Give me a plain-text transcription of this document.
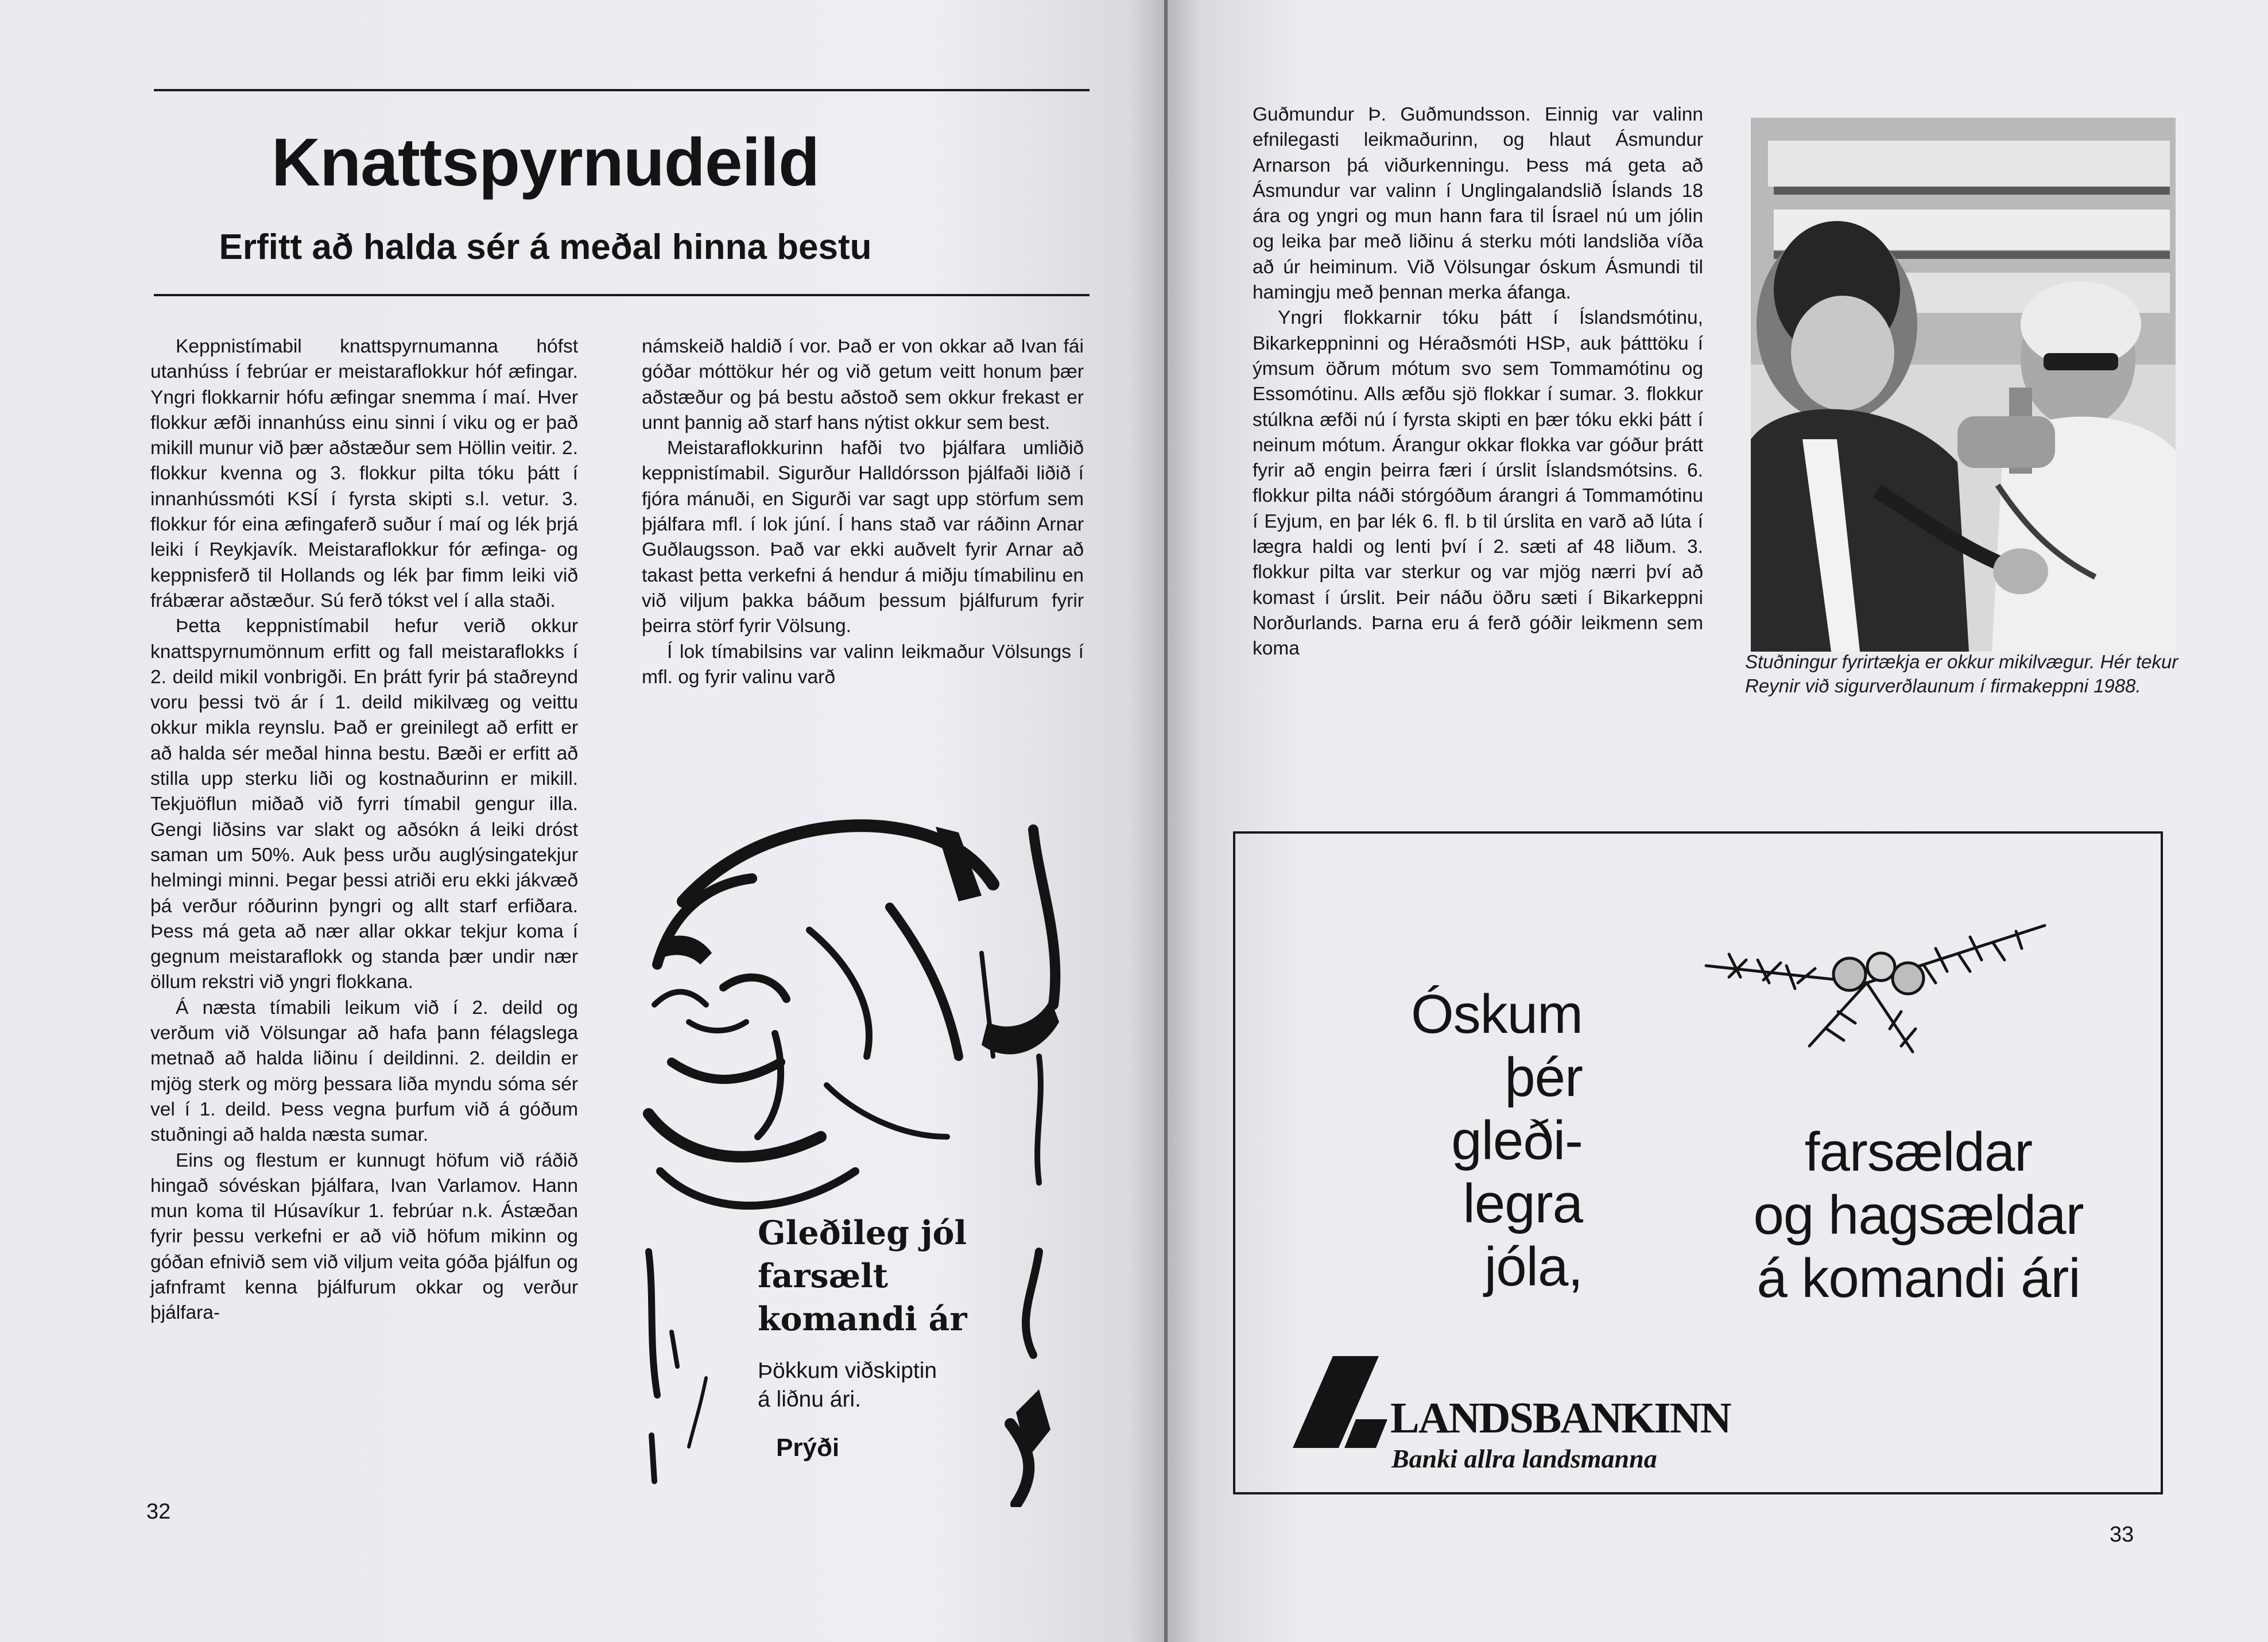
Knattspyrnudeild
Erfitt að halda sér á meðal hinna bestu

Keppnistímabil knattspyrnumanna hófst utanhúss í febrúar er meistaraflokkur hóf æfingar. Yngri flokkarnir hófu æfingar snemma í maí. Hver flokkur æfði innanhúss einu sinni í viku og er það mikill munur við þær aðstæður sem Höllin veitir. 2. flokkur kvenna og 3. flokkur pilta tóku þátt í innanhússmóti KSÍ í fyrsta skipti s.l. vetur. 3. flokkur fór eina æfingaferð suður í maí og lék þrjá leiki í Reykjavík. Meistaraflokkur fór æfinga- og keppnisferð til Hollands og lék þar fimm leiki við frábærar aðstæður. Sú ferð tókst vel í alla staði.

Þetta keppnistímabil hefur verið okkur knattspyrnumönnum erfitt og fall meistaraflokks í 2. deild mikil vonbrigði. En þrátt fyrir þá staðreynd voru þessi tvö ár í 1. deild mikilvæg og veittu okkur mikla reynslu. Það er greinilegt að erfitt er að halda sér meðal hinna bestu. Bæði er erfitt að stilla upp sterku liði og kostnaðurinn er mikill. Tekjuöflun miðað við fyrri tímabil gengur illa. Gengi liðsins var slakt og aðsókn á leiki dróst saman um 50%. Auk þess urðu auglýsingatekjur helmingi minni. Þegar þessi atriði eru ekki jákvæð þá verður róðurinn þyngri og allt starf erfiðara. Þess má geta að nær allar okkar tekjur koma í gegnum meistaraflokk og standa þær undir nær öllum rekstri við yngri flokkana.

Á næsta tímabili leikum við í 2. deild og verðum við Völsungar að hafa þann félagslega metnað að halda liðinu í deildinni. 2. deildin er mjög sterk og mörg þessara liða myndu sóma sér vel í 1. deild. Þess vegna þurfum við á góðum stuðningi að halda næsta sumar.

Eins og flestum er kunnugt höfum við ráðið hingað sóvéskan þjálfara, Ivan Varlamov. Hann mun koma til Húsavíkur 1. febrúar n.k. Ástæðan fyrir þessu verkefni er að við höfum mikinn og góðan efnivið sem við viljum veita góða þjálfun og jafnframt kenna þjálfurum okkar og verður þjálfara-

námskeið haldið í vor. Það er von okkar að Ivan fái góðar móttökur hér og við getum veitt honum þær aðstæður og þá bestu aðstoð sem okkur frekast er unnt þannig að starf hans nýtist okkur sem best.

Meistaraflokkurinn hafði tvo þjálfara umliðið keppnistímabil. Sigurður Halldórsson þjálfaði liðið í fjóra mánuði, en Sigurði var sagt upp störfum sem þjálfara mfl. í lok júní. Í hans stað var ráðinn Arnar Guðlaugsson. Það var ekki auðvelt fyrir Arnar að takast þetta verkefni á hendur á miðju tímabilinu en við viljum þakka báðum þessum þjálfurum fyrir þeirra störf fyrir Völsung.

Í lok tímabilsins var valinn leikmaður Völsungs í mfl. og fyrir valinu varð

Gleðileg jól
farsælt
komandi ár
Þökkum viðskiptin
á liðnu ári.
Prýði
32

Guðmundur Þ. Guðmundsson. Einnig var valinn efnilegasti leikmaðurinn, og hlaut Ásmundur Arnarson þá viðurkenningu. Þess má geta að Ásmundur var valinn í Unglingalandslið Íslands 18 ára og yngri og mun hann fara til Ísrael nú um jólin og leika þar með liðinu á sterku móti landsliða víða að úr heiminum. Við Völsungar óskum Ásmundi til hamingju með þennan merka áfanga.

Yngri flokkarnir tóku þátt í Íslandsmótinu, Bikarkeppninni og Héraðsmóti HSÞ, auk þátttöku í ýmsum öðrum mótum svo sem Tommamótinu og Essomótinu. Alls æfðu sjö flokkar í sumar. 3. flokkur stúlkna æfði nú í fyrsta skipti en þær tóku ekki þátt í neinum mótum. Árangur okkar flokka var góður þrátt fyrir að engin þeirra færi í úrslit Íslandsmótsins. 6. flokkur pilta náði stórgóðum árangri á Tommamótinu í Eyjum, en þar lék 6. fl. b til úrslita en varð að lúta í lægra haldi og lenti því í 2. sæti af 48 liðum. 3. flokkur pilta var sterkur og var mjög nærri því að komast í úrslit. Þeir náðu öðru sæti í Bikarkeppni Norðurlands. Þarna eru á ferð góðir leikmenn sem koma

Stuðningur fyrirtækja er okkur mikilvægur. Hér tekur Reynir við sigurverðlaunum í firmakeppni 1988.
Óskum
þér
gleði-
legra
jóla,
farsældar
og hagsældar
á komandi ári
LANDSBANKINN
Banki allra landsmanna
33
